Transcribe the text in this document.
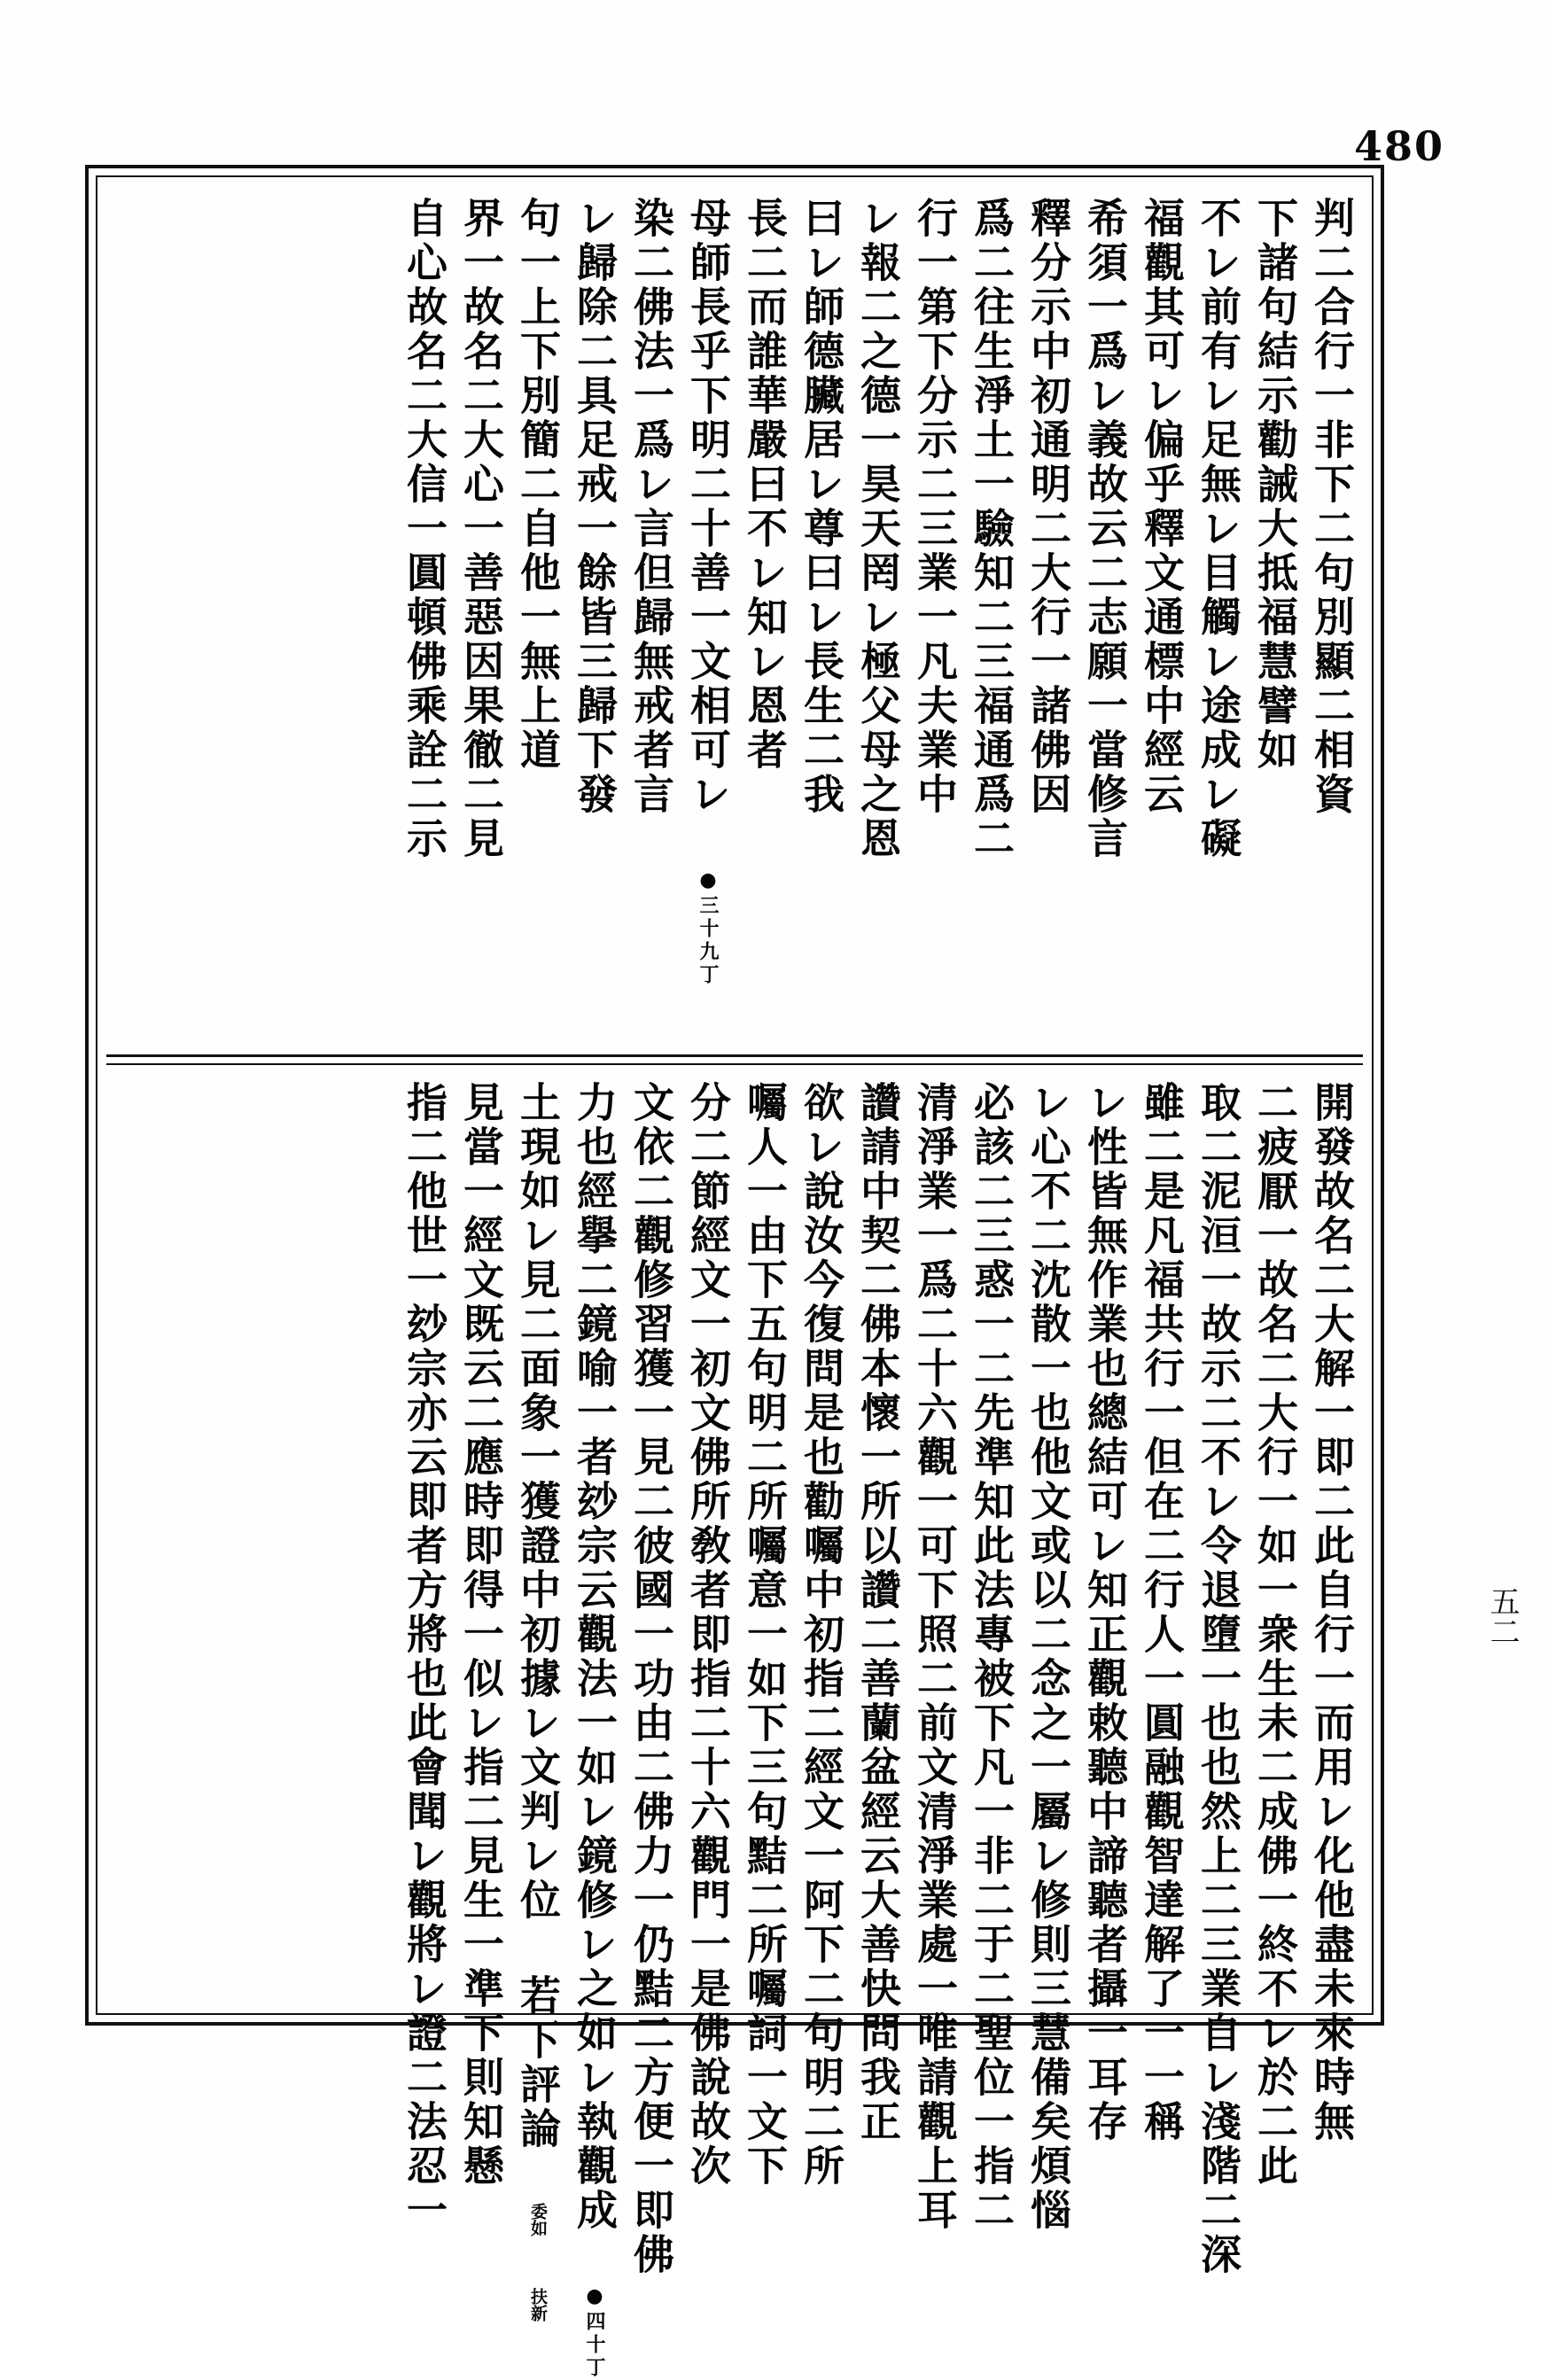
480
五二
判二合行一非下二句別顯二相資
下諸句結示勸誡大抵福慧譬如
不レ前有レ足無レ目觸レ途成レ礙
福觀其可レ偏乎釋文通標中經云
希須一爲レ義故云二志願一當修言
釋分示中初通明二大行一諸佛因
爲二往生淨土一驗知二三福通爲二
行一第下分示二三業一凡夫業中
レ報二之德一昊天罔レ極父母之恩
曰レ師德臟居レ尊曰レ長生二我
長二而誰華嚴曰不レ知レ恩者
母師長乎下明二十善一文相可レ ●三十九丁
染二佛法一爲レ言但歸無戒者言
レ歸除二具足戒一餘皆三歸下發
句一上下別簡二自他一無上道
界一故名二大心一善惡因果徹二見
自心故名二大信一圓頓佛乘詮二示
開發故名二大解一即二此自行一而用レ化他盡未來時無
二疲厭一故名二大行一如一衆生未二成佛一終不レ於二此
取二泥洹一故示二不レ令退墮一也也然上二三業自レ淺階二深
雖二是凡福共行一但在二行人一圓融觀智達解了一一稱
レ性皆無作業也總結可レ知正觀敕聽中諦聽者攝一耳存
レ心不二沈散一也他文或以二念之一屬レ修則三慧備矣煩惱
必該二三惑一二先準知此法專被下凡一非二于二聖位一指二
清淨業一爲二十六觀一可下照二前文清淨業處一唯請觀上耳
讚請中契二佛本懷一所以讚二善蘭盆經云大善快問我正
欲レ說汝今復問是也勸囑中初指二經文一阿下二句明二所
囑人一由下五句明二所囑意一如下三句黠二所囑詞一文下
分二節經文一初文佛所敎者即指二十六觀門一是佛說故次
文依二觀修習獲一見二彼國一功由二佛力一仍黠二方便一即佛
力也經擧二鏡喻一者玅宗云觀法一如レ鏡修レ之如レ執觀成 ●四十丁
土現如レ見二面象一獲證中初據レ文判レ位 若下評論 委如 扶新
見當一經文既云二應時即得一似レ指二見生一準下則知懸
指二他世一玅宗亦云即者方將也此會聞レ觀將レ證二法忍一
